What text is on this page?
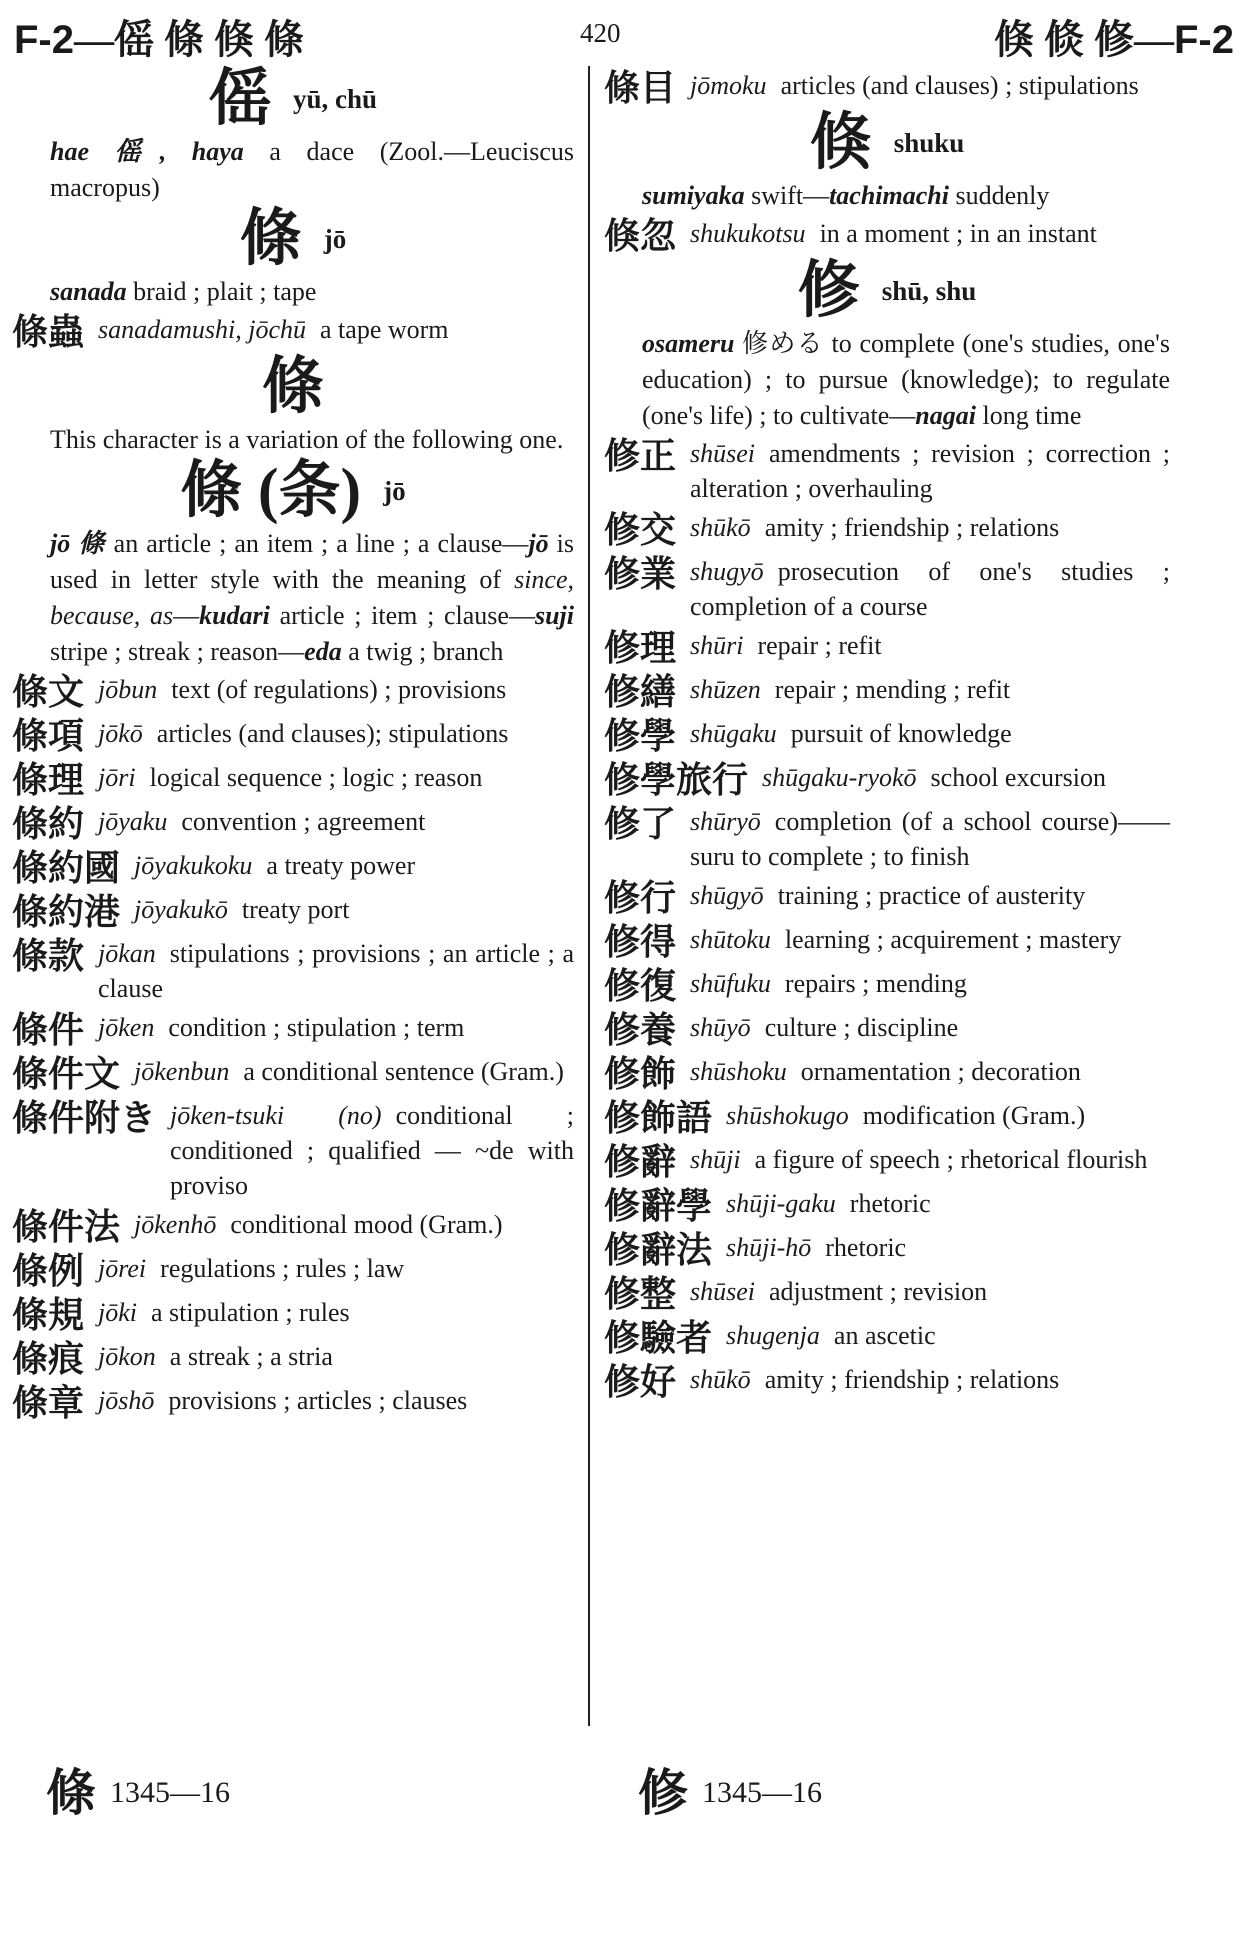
F-2—傜 條 倏 條	420	倏 倐 修—F-2
傜yū, chū
hae 傜, haya a dace (Zool.—Leuciscus macropus)
條jō
sanada braid ; plait ; tape
條蟲 sanadamushi, jōchū a tape worm
條
This character is a variation of the following one.
條 (条) jō
jō 條 an article ; an item ; a line ; a clause—jō is used in letter style with the meaning of since, because, as—kudari article ; item ; clause—suji stripe ; streak ; reason—eda a twig ; branch
條文 jōbun text (of regulations) ; provisions
條項 jōkō articles (and clauses); stipulations
條理 jōri logical sequence ; logic ; reason
條約 jōyaku convention ; agreement
條約國 jōyakukoku a treaty power
條約港 jōyakukō treaty port
條款 jōkan stipulations ; provisions ; an article ; a clause
條件 jōken condition ; stipulation ; term
條件文 jōkenbun a conditional sentence (Gram.)
條件附き jōken-tsuki (no) conditional ; conditioned ; qualified — ~de with proviso
條件法 jōkenhō conditional mood (Gram.)
條例 jōrei regulations ; rules ; law
條規 jōki a stipulation ; rules
條痕 jōkon a streak ; a stria
條章 jōshō provisions ; articles ; clauses
條目 jōmoku articles (and clauses) ; stipulations
倏shuku
sumiyaka swift—tachimachi suddenly
倏忽 shukukotsu in a moment ; in an instant
修shū, shu
osameru 修める to complete (one's studies, one's education) ; to pursue (knowledge); to regulate (one's life) ; to cultivate—nagai long time
修正 shūsei amendments ; revision ; correction ; alteration ; overhauling
修交 shūkō amity ; friendship ; relations
修業 shugyō prosecution of one's studies ; completion of a course
修理 shūri repair ; refit
修繕 shūzen repair ; mending ; refit
修學 shūgaku pursuit of knowledge
修學旅行 shūgaku-ryokō school excursion
修了 shūryō completion (of a school course)——suru to complete ; to finish
修行 shūgyō training ; practice of austerity
修得 shūtoku learning ; acquirement ; mastery
修復 shūfuku repairs ; mending
修養 shūyō culture ; discipline
修飾 shūshoku ornamentation ; decoration
修飾語 shūshokugo modification (Gram.)
修辭 shūji a figure of speech ; rhetorical flourish
修辭學 shūji-gaku rhetoric
修辭法 shūji-hō rhetoric
修整 shūsei adjustment ; revision
修驗者 shugenja an ascetic
修好 shūkō amity ; friendship ; relations
條 1345—16	修 1345—16
